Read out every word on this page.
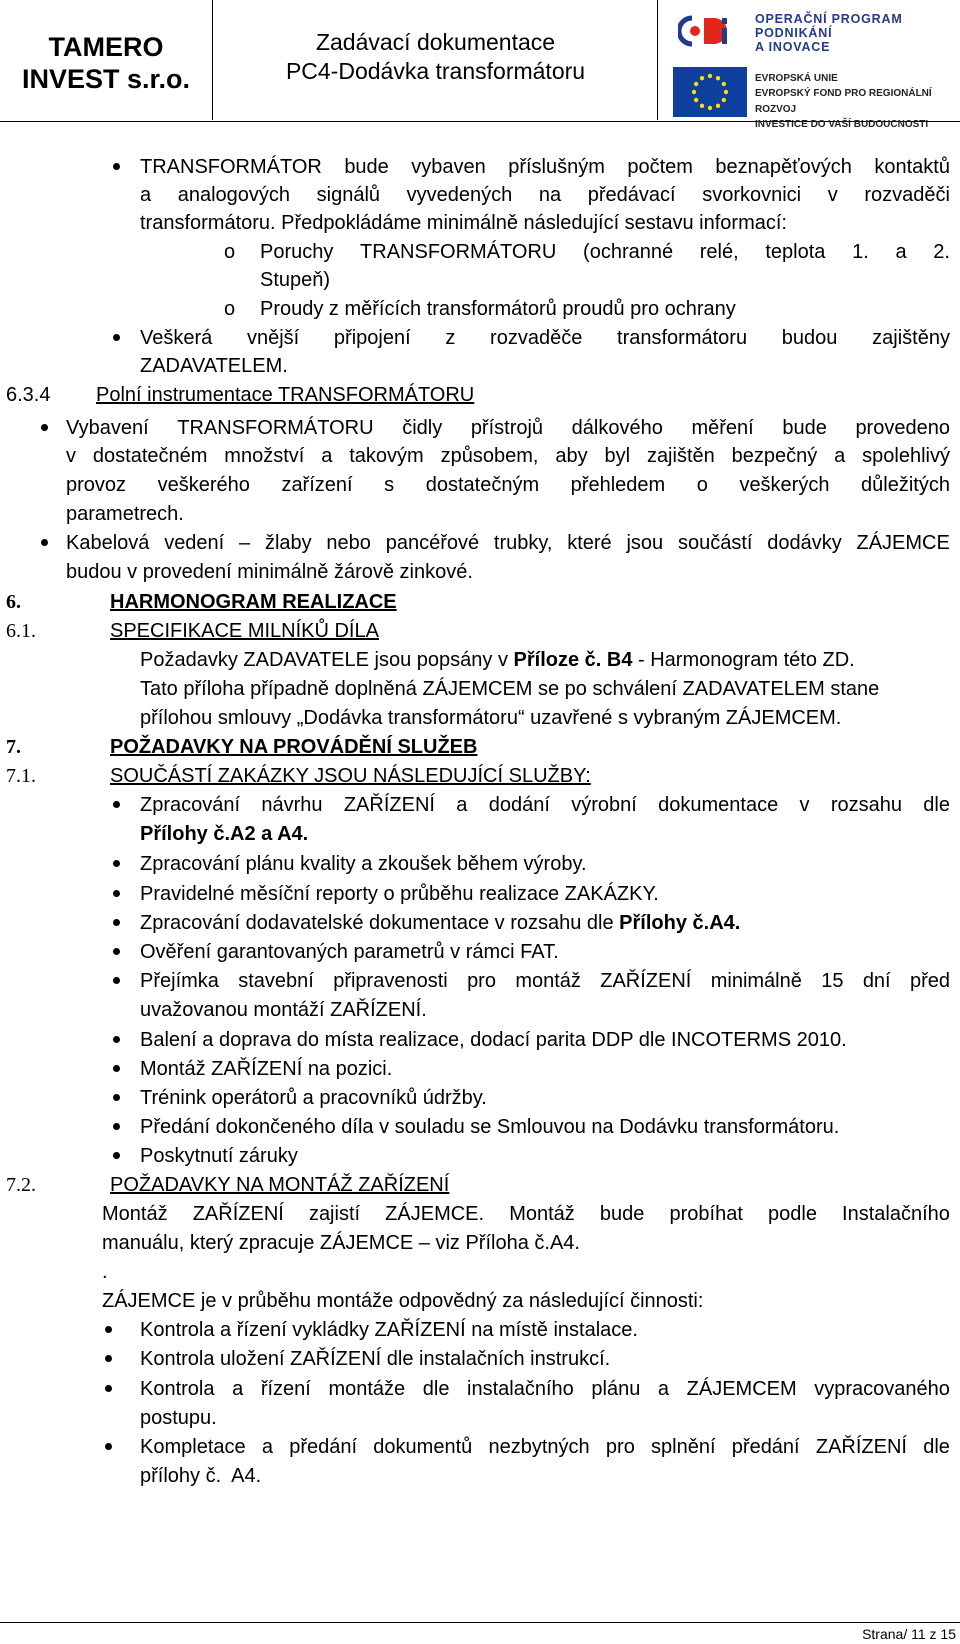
TAMERO
INVEST s.r.o.
Zadávací dokumentace
PC4-Dodávka transformátoru
OPERAČNÍ PROGRAM
PODNIKÁNÍ
A INOVACE
EVROPSKÁ UNIE
EVROPSKÝ FOND PRO REGIONÁLNÍ ROZVOJ
INVESTICE DO VAŠÍ BUDOUCNOSTI
TRANSFORMÁTOR bude vybaven příslušným počtem beznapěťových kontaktů
a analogových signálů vyvedených na předávací svorkovnici v rozvaděči
transformátoru. Předpokládáme minimálně následující sestavu informací:
o Poruchy TRANSFORMÁTORU (ochranné relé, teplota 1. a 2.
Stupeň)
o Proudy z měřících transformátorů proudů pro ochrany
Veškerá vnější připojení z rozvaděče transformátoru budou zajištěny
ZADAVATELEM.
6.3.4 Polní instrumentace TRANSFORMÁTORU
Vybavení TRANSFORMÁTORU čidly přístrojů dálkového měření bude provedeno
v dostatečném množství a takovým způsobem, aby byl zajištěn bezpečný a spolehlivý
provoz veškerého zařízení s dostatečným přehledem o veškerých důležitých
parametrech.
Kabelová vedení – žlaby nebo pancéřové trubky, které jsou součástí dodávky ZÁJEMCE
budou v provedení minimálně žárově zinkové.
6.	HARMONOGRAM REALIZACE
6.1.	SPECIFIKACE MILNÍKŮ DÍLA
Požadavky ZADAVATELE jsou popsány v Příloze č. B4 - Harmonogram této ZD.
Tato příloha případně doplněná ZÁJEMCEM se po schválení ZADAVATELEM stane
přílohou smlouvy „Dodávka transformátoru“ uzavřené s vybraným ZÁJEMCEM.
7.	POŽADAVKY NA PROVÁDĚNÍ SLUŽEB
7.1.	SOUČÁSTÍ ZAKÁZKY JSOU NÁSLEDUJÍCÍ SLUŽBY:
Zpracování návrhu ZAŘÍZENÍ a dodání výrobní dokumentace v rozsahu dle
Přílohy č.A2 a A4.
Zpracování plánu kvality a zkoušek během výroby.
Pravidelné měsíční reporty o průběhu realizace ZAKÁZKY.
Zpracování dodavatelské dokumentace v rozsahu dle Přílohy č.A4.
Ověření garantovaných parametrů v rámci FAT.
Přejímka stavební připravenosti pro montáž ZAŘÍZENÍ minimálně 15 dní před
uvažovanou montáží ZAŘÍZENÍ.
Balení a doprava do místa realizace, dodací parita DDP dle INCOTERMS 2010.
Montáž ZAŘÍZENÍ na pozici.
Trénink operátorů a pracovníků údržby.
Předání dokončeného díla v souladu se Smlouvou na Dodávku transformátoru.
Poskytnutí záruky
7.2.	POŽADAVKY NA MONTÁŽ ZAŘÍZENÍ
Montáž ZAŘÍZENÍ zajistí ZÁJEMCE. Montáž bude probíhat podle Instalačního
manuálu, který zpracuje ZÁJEMCE – viz Příloha č.A4.
.
ZÁJEMCE je v průběhu montáže odpovědný za následující činnosti:
Kontrola a řízení vykládky ZAŘÍZENÍ na místě instalace.
Kontrola uložení ZAŘÍZENÍ dle instalačních instrukcí.
Kontrola a řízení montáže dle instalačního plánu a ZÁJEMCEM vypracovaného
postupu.
Kompletace a předání dokumentů nezbytných pro splnění předání ZAŘÍZENÍ dle
přílohy č.  A4.
Strana/ 11 z 15
